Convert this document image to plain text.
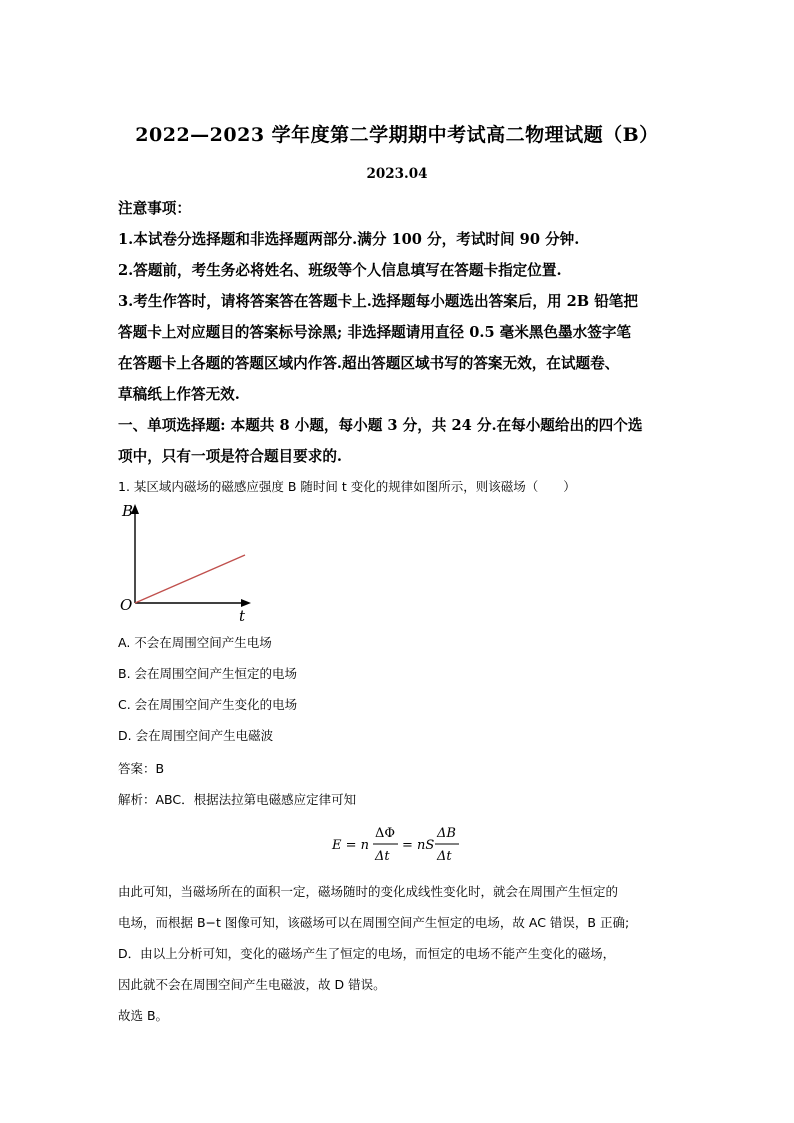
2022—2023 学年度第二学期期中考试高二物理试题（B）
2023.04
注意事项：
1.本试卷分选择题和非选择题两部分.满分 100 分，考试时间 90 分钟.
2.答题前，考生务必将姓名、班级等个人信息填写在答题卡指定位置.
3.考生作答时，请将答案答在答题卡上.选择题每小题选出答案后，用 2B 铅笔把
答题卡上对应题目的答案标号涂黑; 非选择题请用直径 0.5 毫米黑色墨水签字笔
在答题卡上各题的答题区域内作答.超出答题区域书写的答案无效，在试题卷、
草稿纸上作答无效.
一、单项选择题: 本题共 8 小题，每小题 3 分，共 24 分.在每小题给出的四个选
项中，只有一项是符合题目要求的.
1. 某区域内磁场的磁感应强度 B 随时间 t 变化的规律如图所示，则该磁场（　　）
B
t
O
A. 不会在周围空间产生电场
B. 会在周围空间产生恒定的电场
C. 会在周围空间产生变化的电场
D. 会在周围空间产生电磁波
答案：B
解析：ABC．根据法拉第电磁感应定律可知
E = n
ΔΦ
Δt
= nS
ΔB
Δt
由此可知，当磁场所在的面积一定，磁场随时的变化成线性变化时，就会在周围产生恒定的
电场，而根据 B−t 图像可知，该磁场可以在周围空间产生恒定的电场，故 AC 错误，B 正确;
D．由以上分析可知，变化的磁场产生了恒定的电场，而恒定的电场不能产生变化的磁场，
因此就不会在周围空间产生电磁波，故 D 错误。
故选 B。
